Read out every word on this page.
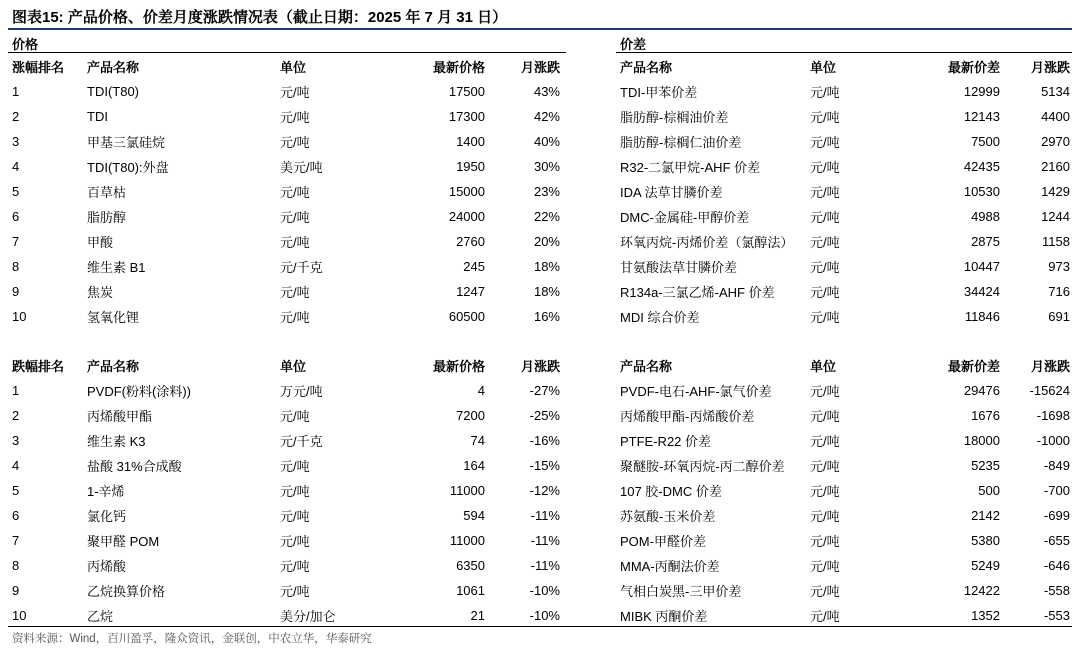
图表15: 产品价格、价差月度涨跌情况表（截止日期：2025 年 7 月 31 日）
价格	价差
涨幅排名	产品名称	单位	最新价格	月涨跌
1	TDI(T80)	元/吨	17500	43%
2	TDI	元/吨	17300	42%
3	甲基三氯硅烷	元/吨	1400	40%
4	TDI(T80):外盘	美元/吨	1950	30%
5	百草枯	元/吨	15000	23%
6	脂肪醇	元/吨	24000	22%
7	甲酸	元/吨	2760	20%
8	维生素 B1	元/千克	245	18%
9	焦炭	元/吨	1247	18%
10	氢氧化锂	元/吨	60500	16%
产品名称	单位	最新价差	月涨跌
TDI-甲苯价差	元/吨	12999	5134
脂肪醇-棕榈油价差	元/吨	12143	4400
脂肪醇-棕榈仁油价差	元/吨	7500	2970
R32-二氯甲烷-AHF 价差	元/吨	42435	2160
IDA 法草甘膦价差	元/吨	10530	1429
DMC-金属硅-甲醇价差	元/吨	4988	1244
环氧丙烷-丙烯价差（氯醇法）	元/吨	2875	1158
甘氨酸法草甘膦价差	元/吨	10447	973
R134a-三氯乙烯-AHF 价差	元/吨	34424	716
MDI 综合价差	元/吨	11846	691
跌幅排名	产品名称	单位	最新价格	月涨跌
1	PVDF(粉料(涂料))	万元/吨	4	-27%
2	丙烯酸甲酯	元/吨	7200	-25%
3	维生素 K3	元/千克	74	-16%
4	盐酸 31%合成酸	元/吨	164	-15%
5	1-辛烯	元/吨	11000	-12%
6	氯化钙	元/吨	594	-11%
7	聚甲醛 POM	元/吨	11000	-11%
8	丙烯酸	元/吨	6350	-11%
9	乙烷换算价格	元/吨	1061	-10%
10	乙烷	美分/加仑	21	-10%
产品名称	单位	最新价差	月涨跌
PVDF-电石-AHF-氯气价差	元/吨	29476	-15624
丙烯酸甲酯-丙烯酸价差	元/吨	1676	-1698
PTFE-R22 价差	元/吨	18000	-1000
聚醚胺-环氧丙烷-丙二醇价差	元/吨	5235	-849
107 胶-DMC 价差	元/吨	500	-700
苏氨酸-玉米价差	元/吨	2142	-699
POM-甲醛价差	元/吨	5380	-655
MMA-丙酮法价差	元/吨	5249	-646
气相白炭黑-三甲价差	元/吨	12422	-558
MIBK 丙酮价差	元/吨	1352	-553
资料来源：Wind，百川盈孚，隆众资讯，金联创，中农立华，华泰研究
